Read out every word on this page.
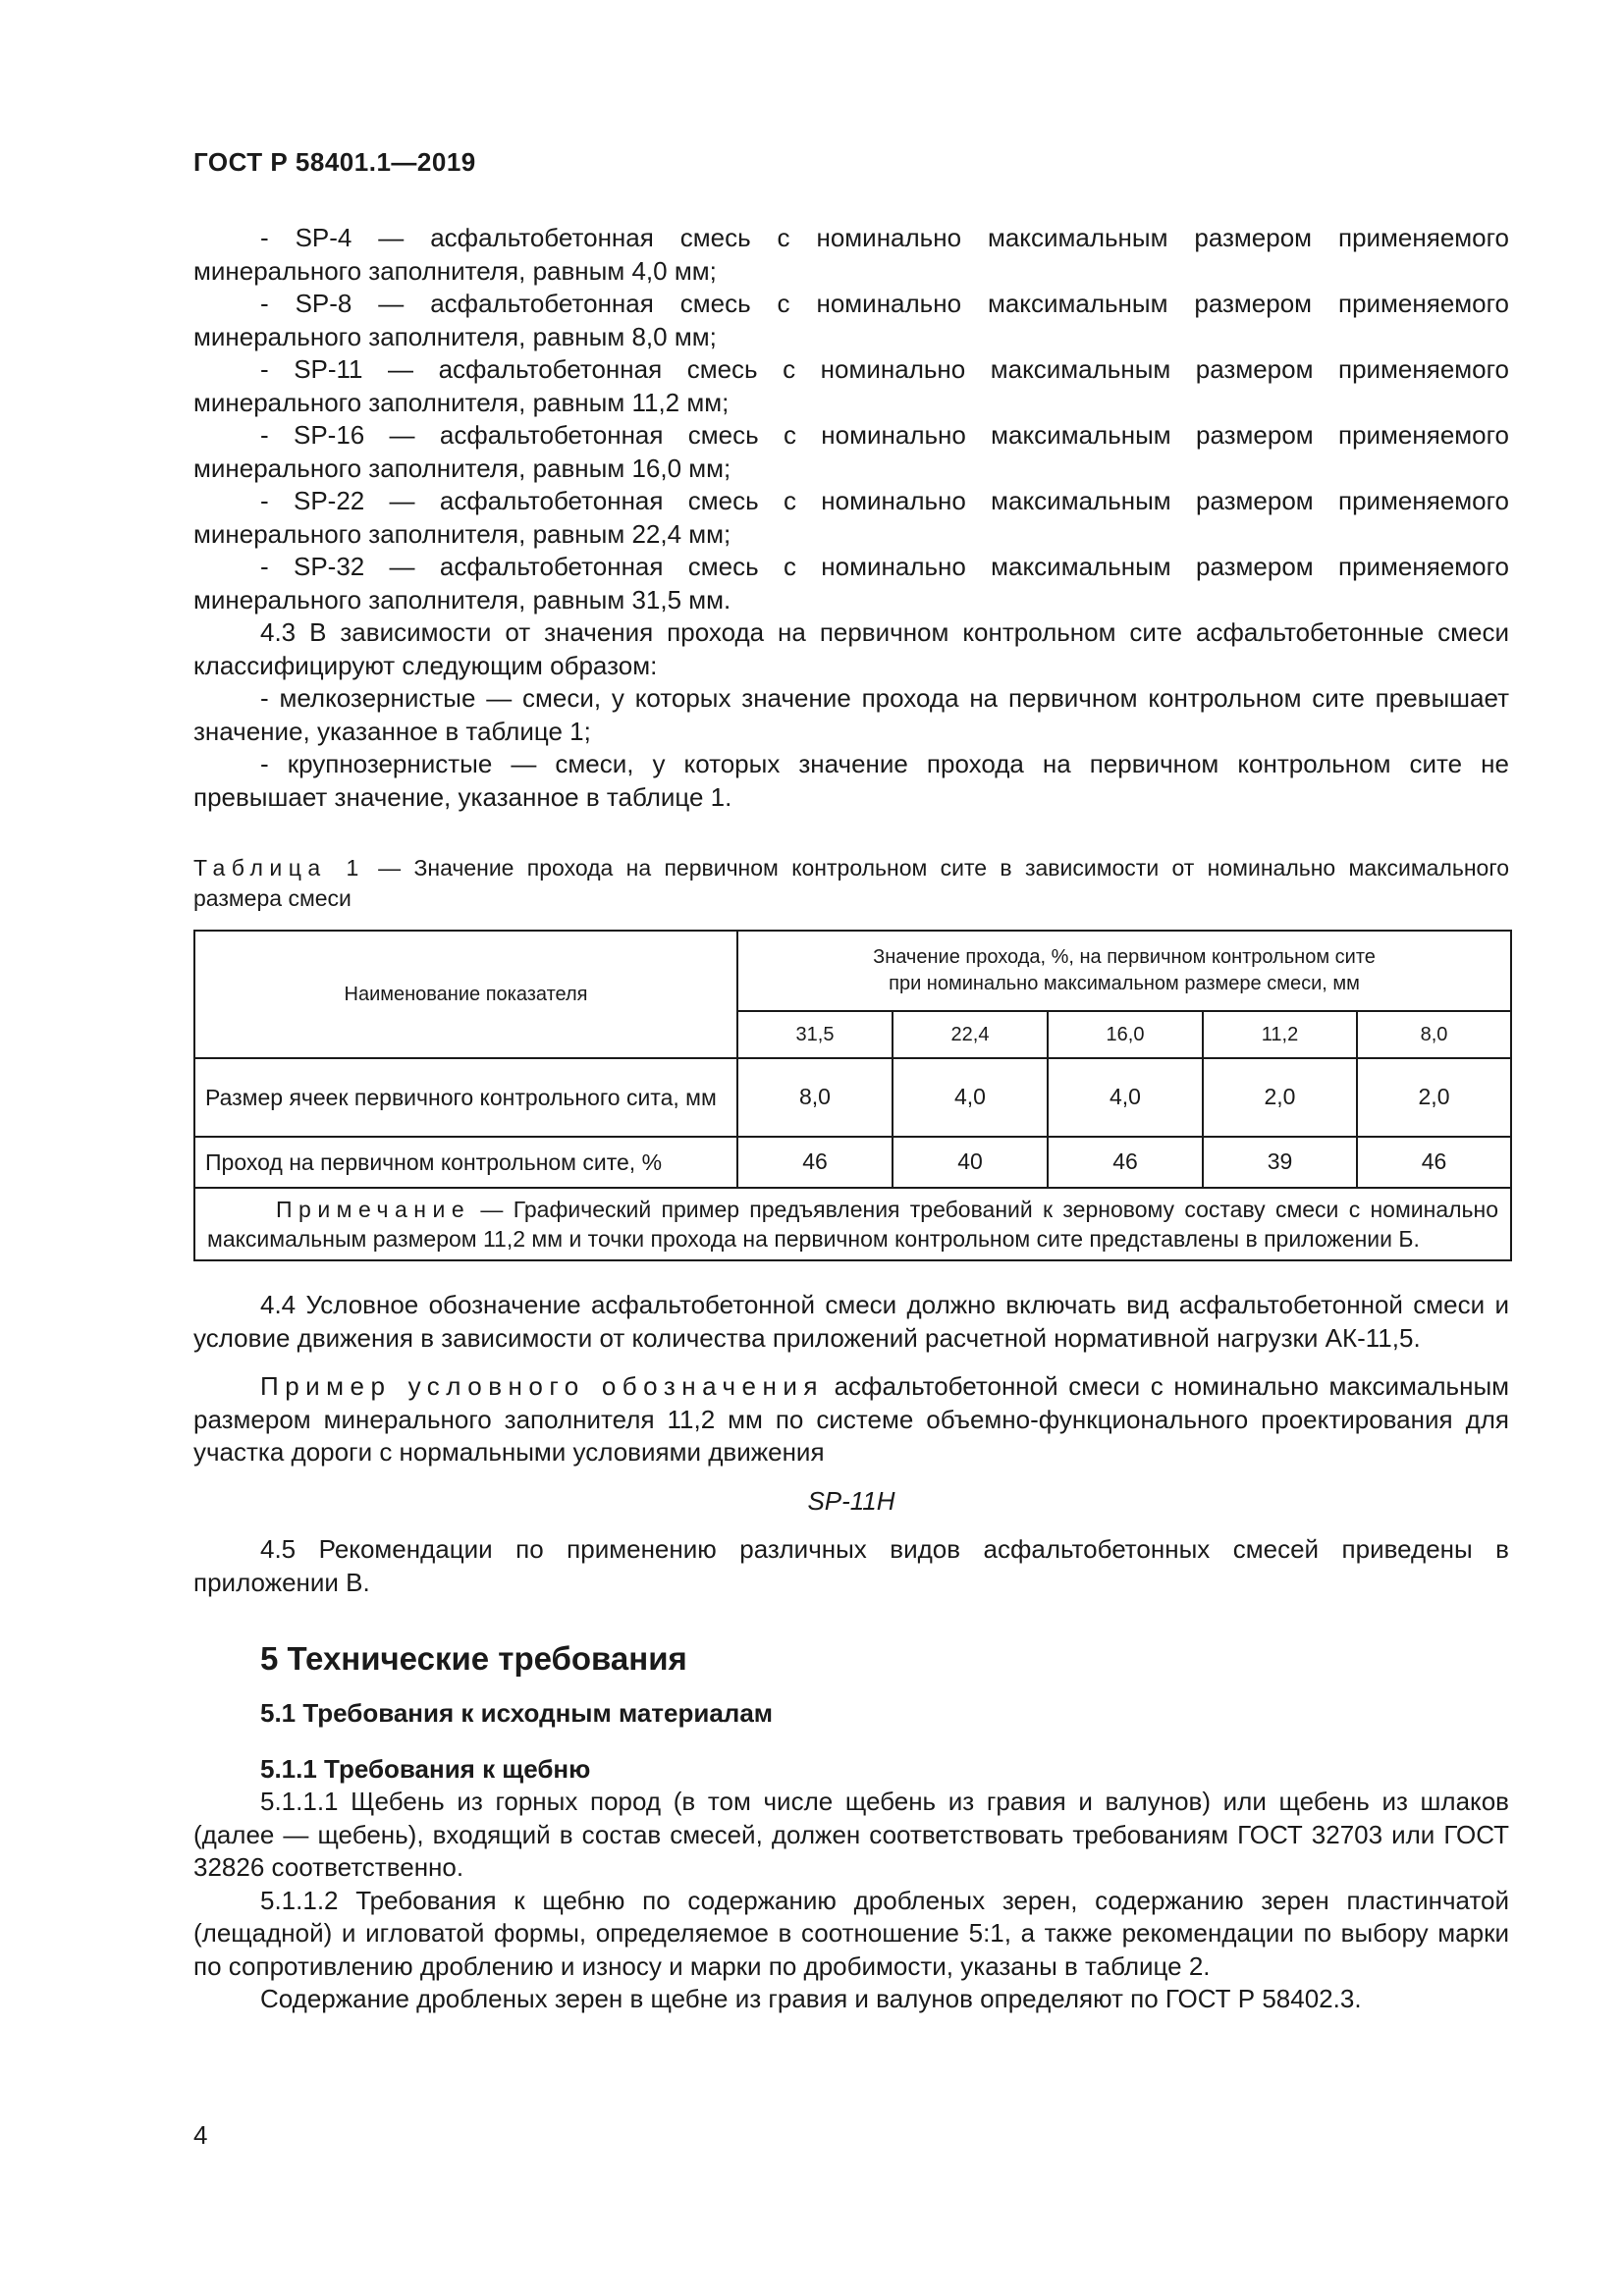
ГОСТ Р 58401.1—2019

- SP-4 — асфальтобетонная смесь с номинально максимальным размером применяемого минерального заполнителя, равным 4,0 мм;

- SP-8 — асфальтобетонная смесь с номинально максимальным размером применяемого минерального заполнителя, равным 8,0 мм;

- SP-11 — асфальтобетонная смесь с номинально максимальным размером применяемого минерального заполнителя, равным 11,2 мм;

- SP-16 — асфальтобетонная смесь с номинально максимальным размером применяемого минерального заполнителя, равным 16,0 мм;

- SP-22 — асфальтобетонная смесь с номинально максимальным размером применяемого минерального заполнителя, равным 22,4 мм;

- SP-32 — асфальтобетонная смесь с номинально максимальным размером применяемого минерального заполнителя, равным 31,5 мм.

4.3 В зависимости от значения прохода на первичном контрольном сите асфальтобетонные смеси классифицируют следующим образом:

- мелкозернистые — смеси, у которых значение прохода на первичном контрольном сите превышает значение, указанное в таблице 1;

- крупнозернистые — смеси, у которых значение прохода на первичном контрольном сите не превышает значение, указанное в таблице 1.

Таблица 1 — Значение прохода на первичном контрольном сите в зависимости от номинально максимального размера смеси

Наименование показателя	Значение прохода, %, на первичном контрольном сите
при номинально максимальном размере смеси, мм				

	31,5	22,4	16,0	11,2	8,0
Размер ячеек первичного контрольного сита, мм	8,0	4,0	4,0	2,0	2,0
Проход на первичном контрольном сите, %	46	40	46	39	46
Примечание — Графический пример предъявления требований к зерновому составу смеси с номинально максимальным размером 11,2 мм и точки прохода на первичном контрольном сите представлены в приложении Б.					

4.4 Условное обозначение асфальтобетонной смеси должно включать вид асфальтобетонной смеси и условие движения в зависимости от количества приложений расчетной нормативной нагрузки АК-11,5.

Пример условного обозначения асфальтобетонной смеси с номинально максимальным размером минерального заполнителя 11,2 мм по системе объемно-функционального проектирования для участка дороги с нормальными условиями движения

SP-11H

4.5 Рекомендации по применению различных видов асфальтобетонных смесей приведены в приложении В.

5 Технические требования
5.1 Требования к исходным материалам
5.1.1 Требования к щебню

5.1.1.1 Щебень из горных пород (в том числе щебень из гравия и валунов) или щебень из шлаков (далее — щебень), входящий в состав смесей, должен соответствовать требованиям ГОСТ 32703 или ГОСТ 32826 соответственно.

5.1.1.2 Требования к щебню по содержанию дробленых зерен, содержанию зерен пластинчатой (лещадной) и игловатой формы, определяемое в соотношение 5:1, а также рекомендации по выбору марки по сопротивлению дроблению и износу и марки по дробимости, указаны в таблице 2.

Содержание дробленых зерен в щебне из гравия и валунов определяют по ГОСТ Р 58402.3.

4
